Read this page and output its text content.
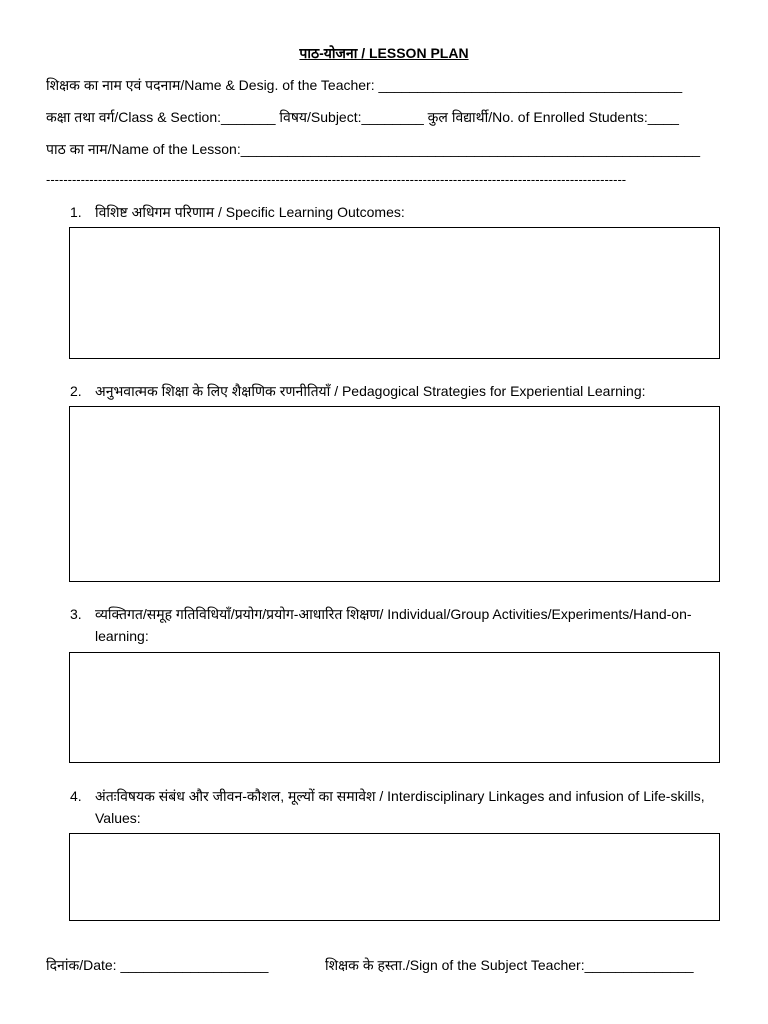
पाठ-योजना / LESSON PLAN
शिक्षक का नाम एवं पदनाम/Name & Desig. of the Teacher: _______________________________________
कक्षा तथा वर्ग/Class & Section:_______ विषय/Subject:________ कुल विद्यार्थी/No. of Enrolled Students:____
पाठ का नाम/Name of the Lesson:___________________________________________________________
--------------------------------------------------------------------------------------------------------------------------------------
1. विशिष्ट अधिगम परिणाम / Specific Learning Outcomes:
2. अनुभवात्मक शिक्षा के लिए शैक्षणिक रणनीतियाँ / Pedagogical Strategies for Experiential Learning:
3. व्यक्तिगत/समूह गतिविधियाँ/प्रयोग/प्रयोग-आधारित शिक्षण/ Individual/Group Activities/Experiments/Hand-on-learning:
4. अंतःविषयक संबंध और जीवन-कौशल, मूल्यों का समावेश / Interdisciplinary Linkages and infusion of Life-skills, Values:
दिनांक/Date: ___________________	शिक्षक के हस्ता./Sign of the Subject Teacher:______________
